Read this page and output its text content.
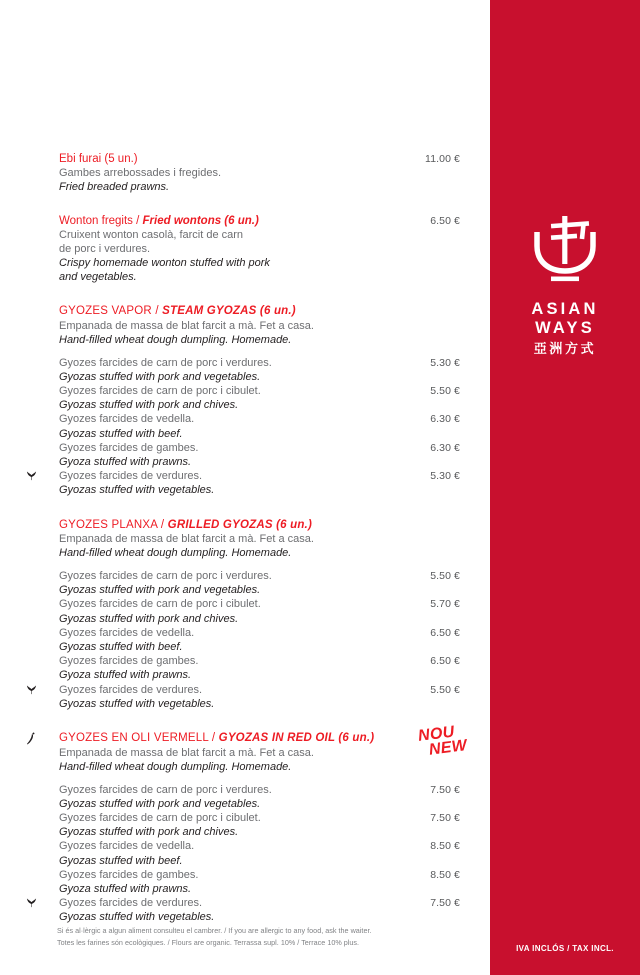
Ebi furai (5 un.)
Gambes arrebossades i fregides.
Fried breaded prawns.
11.00 €
Wonton fregits / Fried wontons (6 un.)
Cruixent wonton casolà, farcit de carn
de porc i verdures.
Crispy homemade wonton stuffed with pork
and vegetables.
6.50 €
GYOZES VAPOR / STEAM GYOZAS (6 un.)
Empanada de massa de blat farcit a mà. Fet a casa.
Hand-filled wheat dough dumpling. Homemade.
Gyozes farcides de carn de porc i verdures.
Gyozas stuffed with pork and vegetables.
5.30 €
Gyozes farcides de carn de porc i cibulet.
Gyozas stuffed with pork and chives.
5.50 €
Gyozes farcides de vedella.
Gyozas stuffed with beef.
6.30 €
Gyozes farcides de gambes.
Gyoza stuffed with prawns.
6.30 €
Gyozes farcides de verdures.
Gyozas stuffed with vegetables.
5.30 €
GYOZES PLANXA / GRILLED GYOZAS (6 un.)
Empanada de massa de blat farcit a mà. Fet a casa.
Hand-filled wheat dough dumpling. Homemade.
Gyozes farcides de carn de porc i verdures.
Gyozas stuffed with pork and vegetables.
5.50 €
Gyozes farcides de carn de porc i cibulet.
Gyozas stuffed with pork and chives.
5.70 €
Gyozes farcides de vedella.
Gyozas stuffed with beef.
6.50 €
Gyozes farcides de gambes.
Gyoza stuffed with prawns.
6.50 €
Gyozes farcides de verdures.
Gyozas stuffed with vegetables.
5.50 €
GYOZES EN OLI VERMELL / GYOZAS IN RED OIL (6 un.)
Empanada de massa de blat farcit a mà. Fet a casa.
Hand-filled wheat dough dumpling. Homemade.
NOU
NEW
Gyozes farcides de carn de porc i verdures.
Gyozas stuffed with pork and vegetables.
7.50 €
Gyozes farcides de carn de porc i cibulet.
Gyozas stuffed with pork and chives.
7.50 €
Gyozes farcides de vedella.
Gyozas stuffed with beef.
8.50 €
Gyozes farcides de gambes.
Gyoza stuffed with prawns.
8.50 €
Gyozes farcides de verdures.
Gyozas stuffed with vegetables.
7.50 €
Si és al·lèrgic a algun aliment consulteu el cambrer. / If you are allergic to any food, ask the waiter.
Totes les farines són ecològiques. / Flours are organic. Terrassa supl. 10% / Terrace 10% plus.
ASIAN
WAYS
亞洲方式
IVA INCLÓS / TAX INCL.
